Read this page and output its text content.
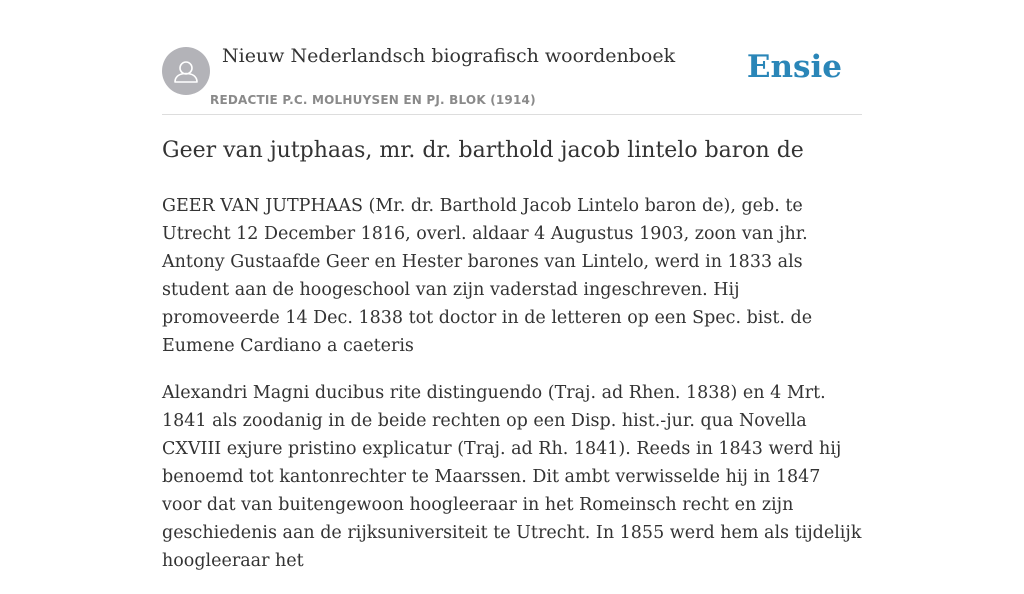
Nieuw Nederlandsch biografisch woordenboek
REDACTIE P.C. MOLHUYSEN EN PJ. BLOK (1914)
Ensie
Geer van jutphaas, mr. dr. barthold jacob lintelo baron de

GEER VAN JUTPHAAS (Mr. dr. Barthold Jacob Lintelo baron de), geb. te Utrecht 12 December 1816, overl. aldaar 4 Augustus 1903, zoon van jhr. Antony Gustaafde Geer en Hester barones van Lintelo, werd in 1833 als student aan de hoogeschool van zijn vaderstad ingeschreven. Hij promoveerde 14 Dec. 1838 tot doctor in de letteren op een Spec. bist. de Eumene Cardiano a caeteris

Alexandri Magni ducibus rite distinguendo (Traj. ad Rhen. 1838) en 4 Mrt. 1841 als zoodanig in de beide rechten op een Disp. hist.-jur. qua Novella CXVIII exjure pristino explicatur (Traj. ad Rh. 1841). Reeds in 1843 werd hij benoemd tot kantonrechter te Maarssen. Dit ambt verwisselde hij in 1847 voor dat van buitengewoon hoogleeraar in het Romeinsch recht en zijn geschiedenis aan de rijksuniversiteit te Utrecht. In 1855 werd hem als tijdelijk hoogleeraar het
